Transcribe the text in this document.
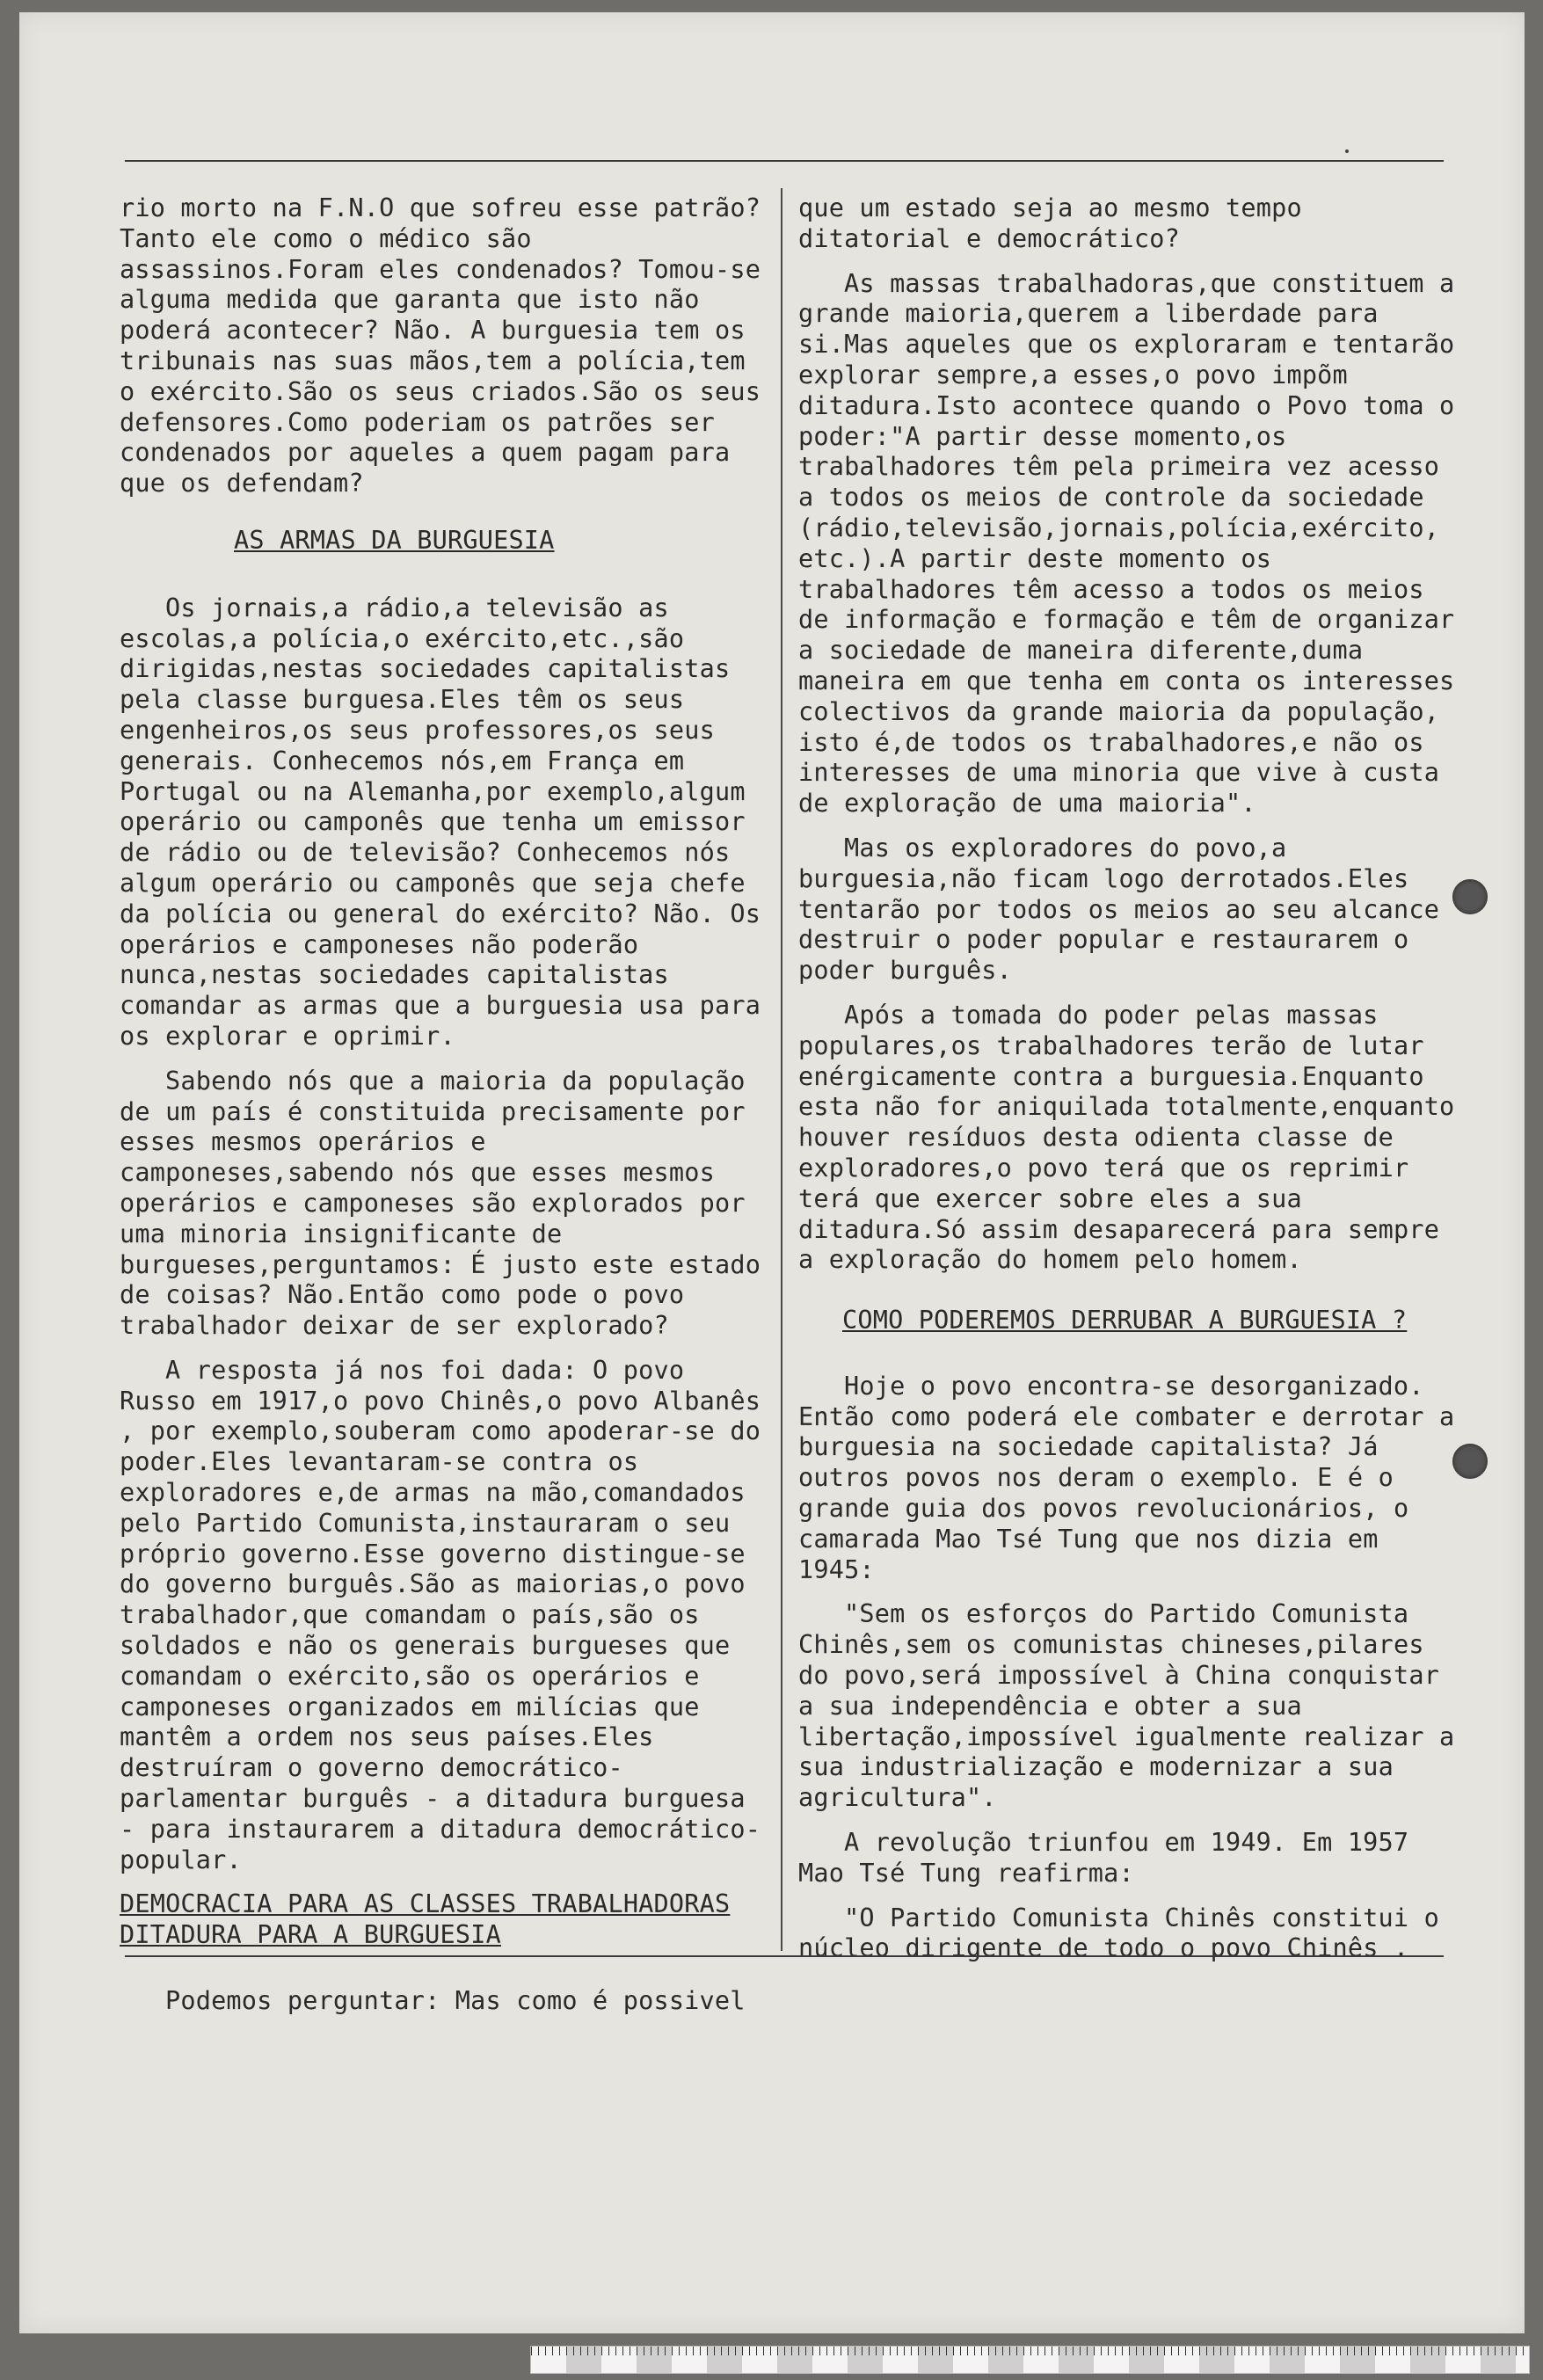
rio morto na F.N.O que sofreu esse patrão? Tanto ele como o médico são assassinos.Foram eles condenados? Tomou-se alguma medida que garanta que isto não poderá acontecer? Não. A burguesia tem os tribunais nas suas mãos,tem a polícia,tem o exército.São os seus criados.São os seus defensores.Como poderiam os patrões ser condenados por aqueles a quem pagam para que os defendam?

AS ARMAS DA BURGUESIA

Os jornais,a rádio,a televisão as escolas,a polícia,o exército,etc.,são dirigidas,nestas sociedades capitalistas pela classe burguesa.Eles têm os seus engenheiros,os seus professores,os seus generais. Conhecemos nós,em França em Portugal ou na Alemanha,por exemplo,algum operário ou camponês que tenha um emissor de rádio ou de televisão? Conhecemos nós algum operário ou camponês que seja chefe da polícia ou general do exército? Não. Os operários e camponeses não poderão nunca,nestas sociedades capitalistas comandar as armas que a burguesia usa para os explorar e oprimir.

Sabendo nós que a maioria da população de um país é constituida precisamente por esses mesmos operários e camponeses,sabendo nós que esses mesmos operários e camponeses são explorados por uma minoria insignificante de burgueses,perguntamos: É justo este estado de coisas? Não.Então como pode o povo trabalhador deixar de ser explorado?

A resposta já nos foi dada: O povo Russo em 1917,o povo Chinês,o povo Albanês , por exemplo,souberam como apoderar-se do poder.Eles levantaram-se contra os exploradores e,de armas na mão,comandados pelo Partido Comunista,instauraram o seu próprio governo.Esse governo distingue-se do governo burguês.São as maiorias,o povo trabalhador,que comandam o país,são os soldados e não os generais burgueses que comandam o exército,são os operários e camponeses organizados em milícias que mantêm a ordem nos seus países.Eles destruíram o governo democrático-parlamentar burguês - a ditadura burguesa - para instaurarem a ditadura democrático-popular.

DEMOCRACIA PARA AS CLASSES TRABALHADORAS
DITADURA PARA A BURGUESIA

Podemos perguntar: Mas como é possivel

que um estado seja ao mesmo tempo ditatorial e democrático?

As massas trabalhadoras,que constituem a grande maioria,querem a liberdade para si.Mas aqueles que os exploraram e tentarão explorar sempre,a esses,o povo impõm ditadura.Isto acontece quando o Povo toma o poder:"A partir desse momento,os trabalhadores têm pela primeira vez acesso a todos os meios de controle da sociedade (rádio,televisão,jornais,polícia,exército, etc.).A partir deste momento os trabalhadores têm acesso a todos os meios de informação e formação e têm de organizar a sociedade de maneira diferente,duma maneira em que tenha em conta os interesses colectivos da grande maioria da população, isto é,de todos os trabalhadores,e não os interesses de uma minoria que vive à custa de exploração de uma maioria".

Mas os exploradores do povo,a burguesia,não ficam logo derrotados.Eles tentarão por todos os meios ao seu alcance destruir o poder popular e restaurarem o poder burguês.

Após a tomada do poder pelas massas populares,os trabalhadores terão de lutar enérgicamente contra a burguesia.Enquanto esta não for aniquilada totalmente,enquanto houver resíduos desta odienta classe de exploradores,o povo terá que os reprimir terá que exercer sobre eles a sua ditadura.Só assim desaparecerá para sempre a exploração do homem pelo homem.

COMO PODEREMOS DERRUBAR A BURGUESIA ?

Hoje o povo encontra-se desorganizado. Então como poderá ele combater e derrotar a burguesia na sociedade capitalista? Já outros povos nos deram o exemplo. E é o grande guia dos povos revolucionários, o camarada Mao Tsé Tung que nos dizia em 1945:

"Sem os esforços do Partido Comunista Chinês,sem os comunistas chineses,pilares do povo,será impossível à China conquistar a sua independência e obter a sua libertação,impossível igualmente realizar a sua industrialização e modernizar a sua agricultura".

A revolução triunfou em 1949. Em 1957 Mao Tsé Tung reafirma:

"O Partido Comunista Chinês constitui o núcleo dirigente de todo o povo Chinês .
